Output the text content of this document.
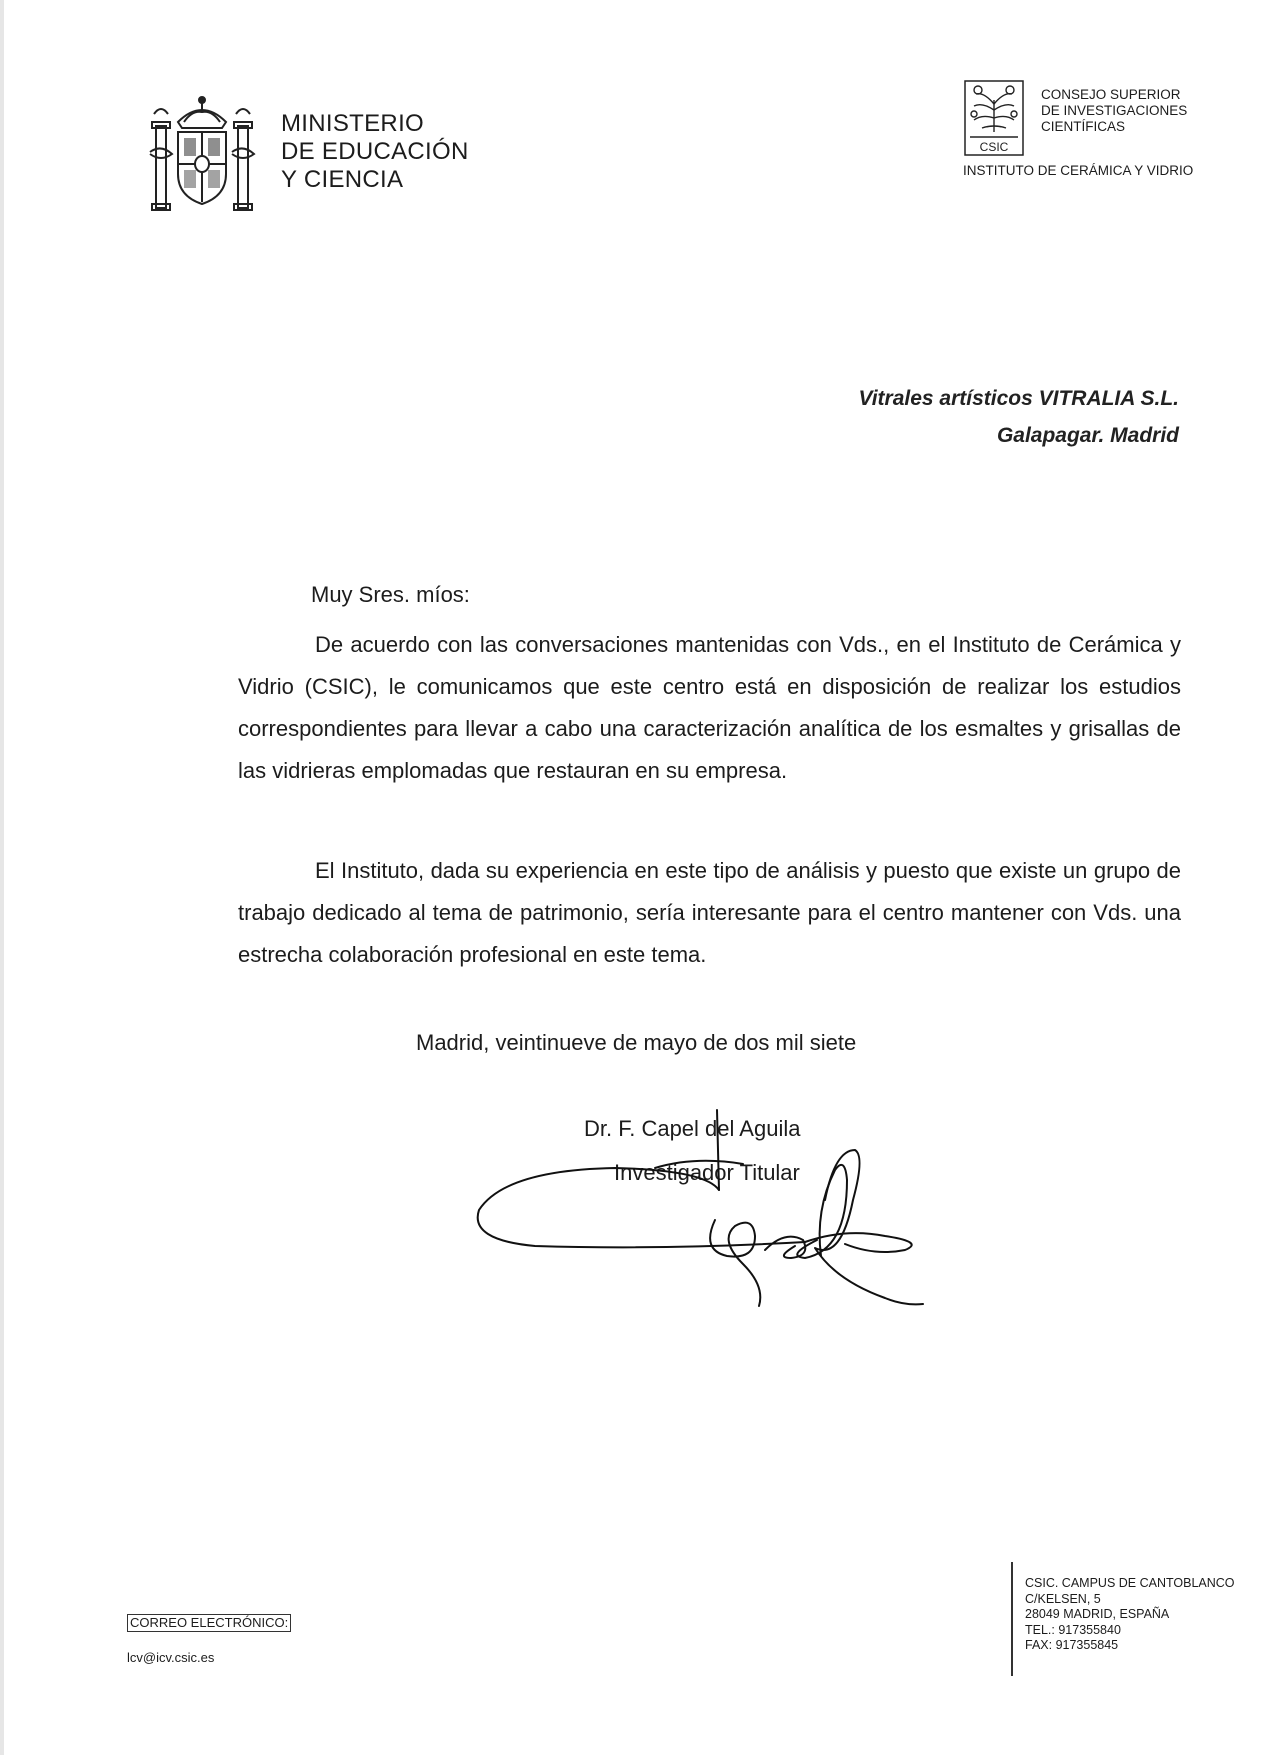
MINISTERIO
DE EDUCACIÓN
Y CIENCIA
CSIC
CONSEJO SUPERIOR
DE INVESTIGACIONES
CIENTÍFICAS
INSTITUTO DE CERÁMICA Y VIDRIO
Vitrales artísticos VITRALIA S.L.
Galapagar. Madrid
Muy Sres. míos:

De acuerdo con las conversaciones mantenidas con Vds., en el Instituto de Cerámica y Vidrio (CSIC), le comunicamos que este centro está en disposición de realizar los estudios correspondientes para llevar a cabo una caracterización analítica de los esmaltes y grisallas de las vidrieras emplomadas que restauran en su empresa.

El Instituto, dada su experiencia en este tipo de análisis y puesto que existe un grupo de trabajo dedicado al tema de patrimonio, sería interesante para el centro mantener con Vds. una estrecha colaboración profesional en este tema.

Madrid, veintinueve de mayo de dos mil siete
Dr. F. Capel del Aguila
Investigador Titular
CORREO ELECTRÓNICO:
lcv@icv.csic.es
CSIC. CAMPUS DE CANTOBLANCO
C/KELSEN, 5
28049 MADRID, ESPAÑA
TEL.: 917355840
FAX: 917355845
